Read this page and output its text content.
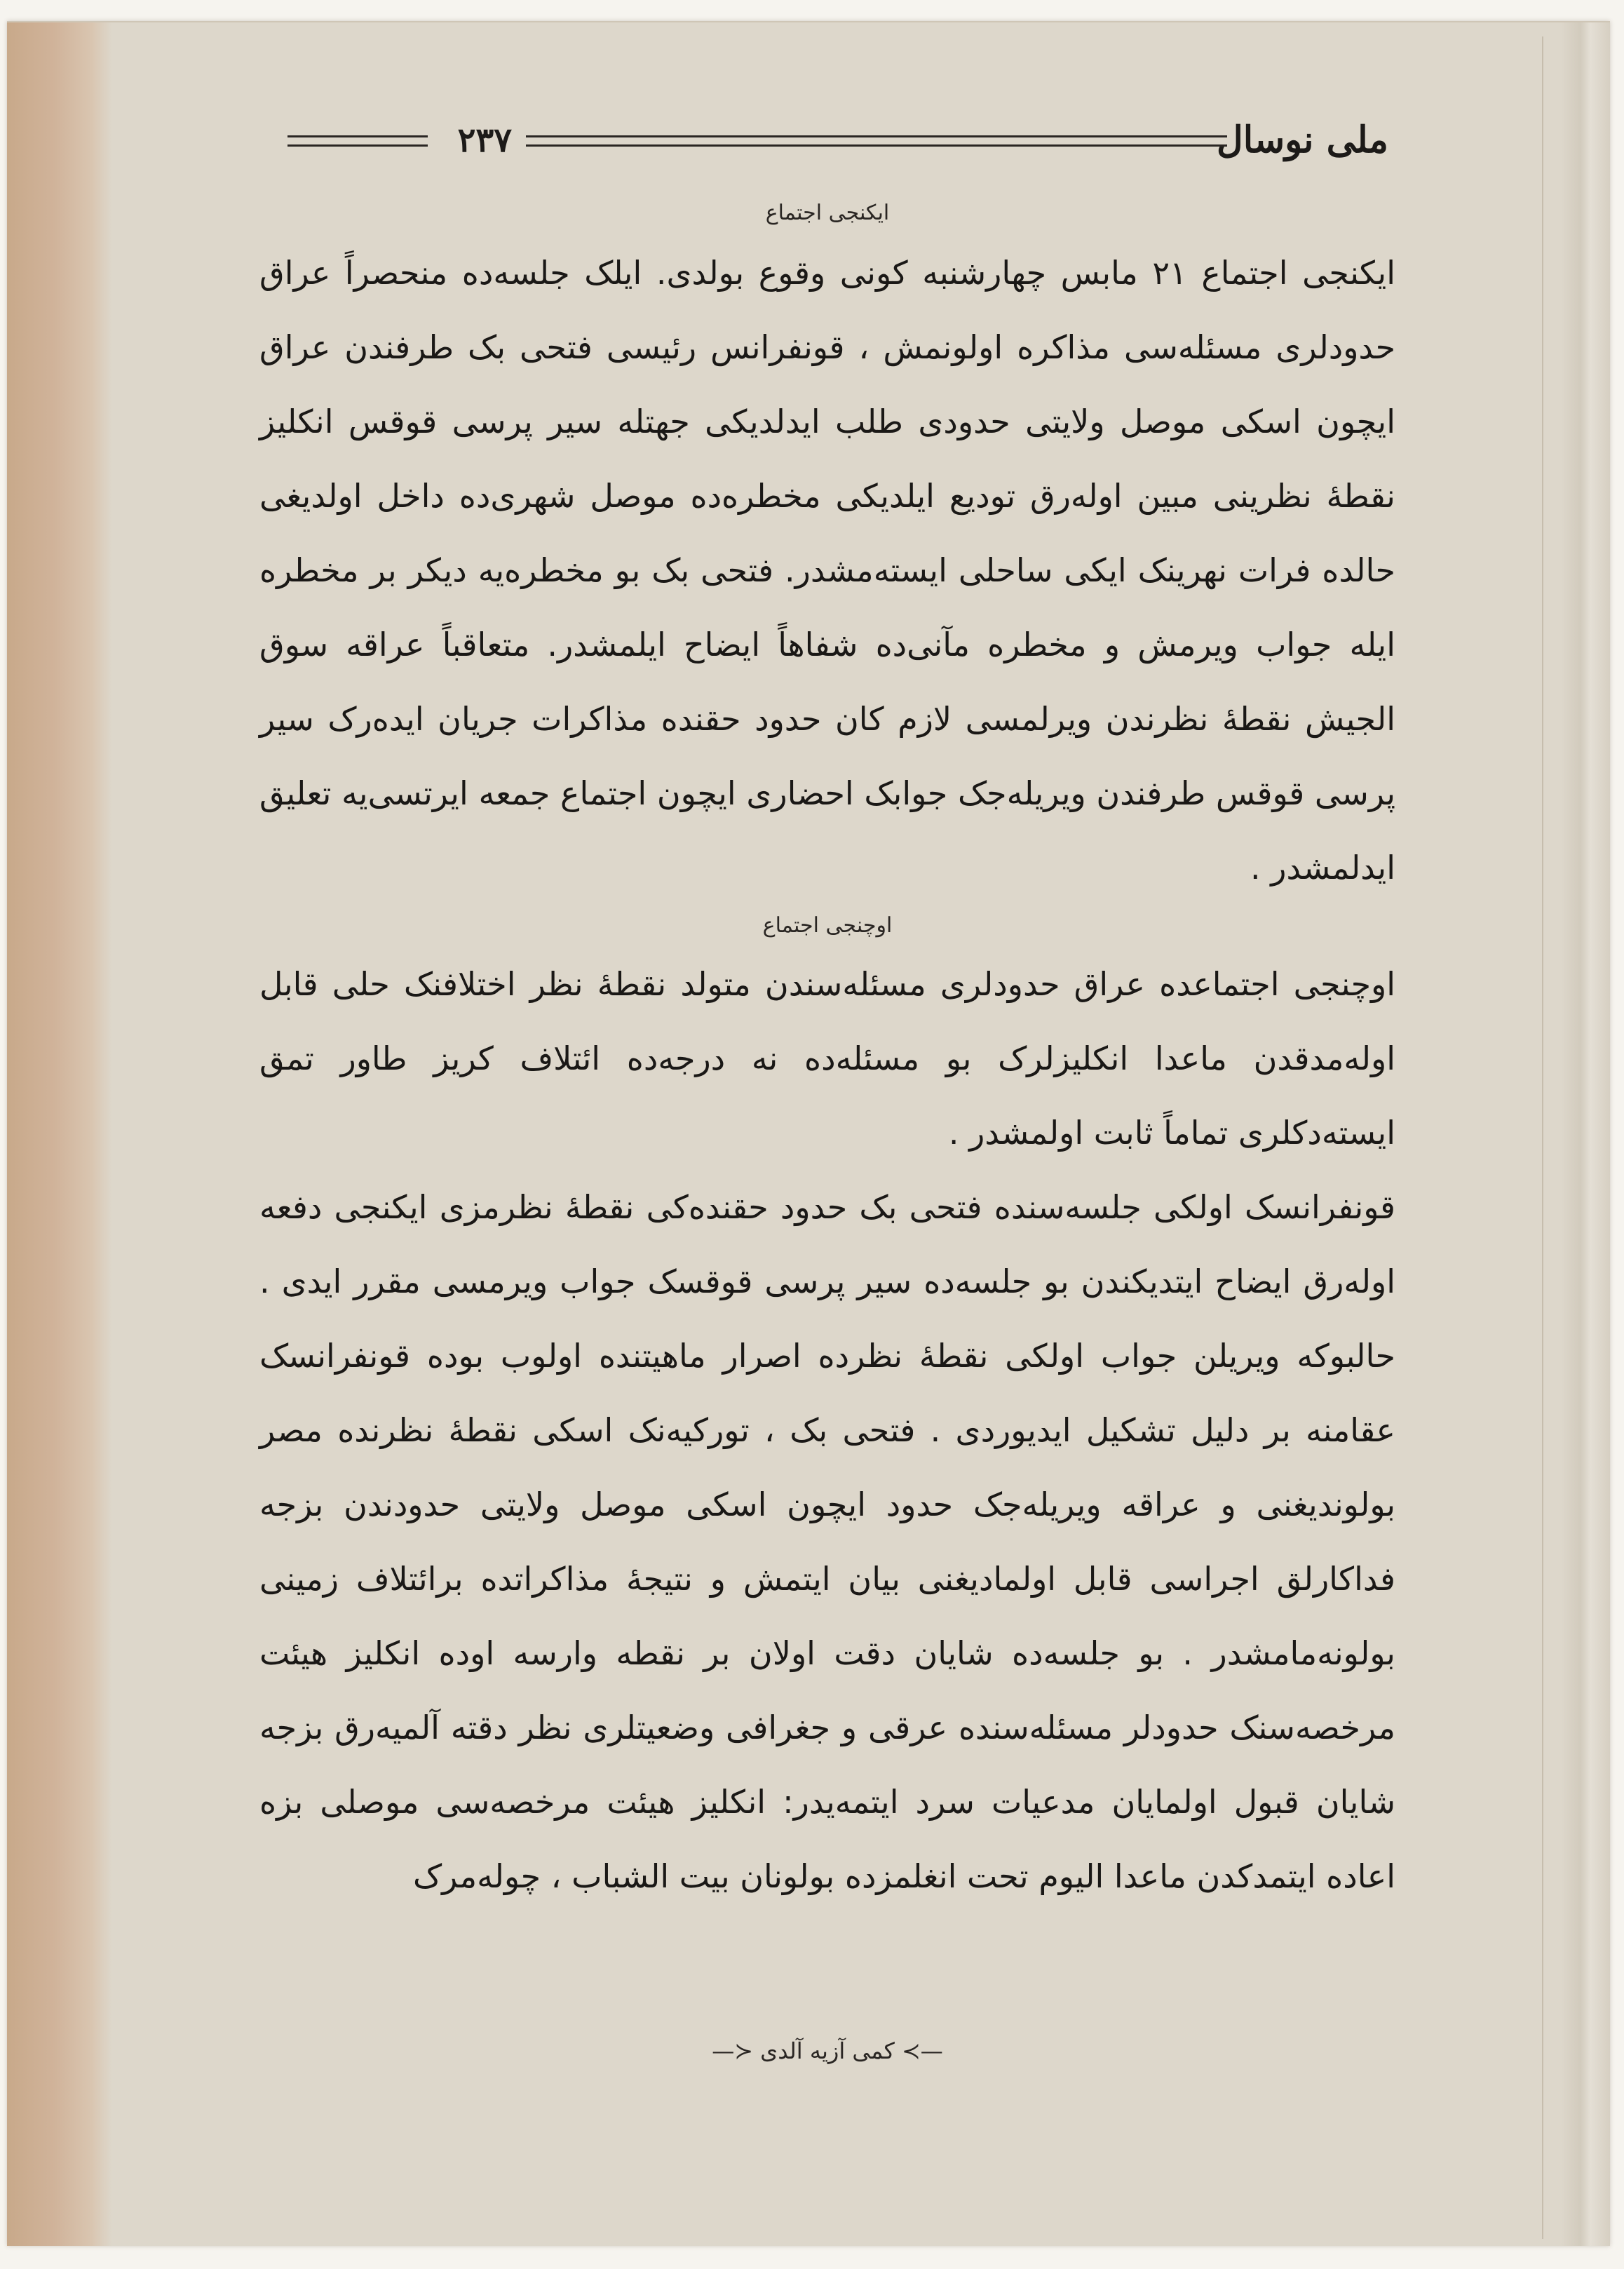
ملی نوسال
٢٣٧

ایکنجی اجتماع

ایکنجی اجتماع ٢١ مابس چهارشنبه کونی وقوع بولدی. ایلک جلسه‌ده منحصراً عراق حدودلری مسئله‌سی مذاکره اولونمش ، قونفرانس رئیسی فتحی بک طرفندن عراق ایچون اسکی موصل ولایتی حدودی طلب ایدلدیکی جهتله سیر پرسی قوقس انکلیز نقطهٔ نظرینی مبین اوله‌رق تودیع ایلدیکی مخطره‌ده موصل شهری‌ده داخل اولدیغی حالده فرات نهرینک ایکی ساحلی ایسته‌مشدر. فتحی بک بو مخطره‌یه دیکر بر مخطره ایله جواب ویرمش و مخطره مآنی‌ده شفاهاً ایضاح ایلمشدر. متعاقباً عراقه سوق الجیش نقطهٔ نظرندن ویرلمسی لازم کان حدود حقنده مذاکرات جریان ایده‌رک سیر پرسی قوقس طرفندن ویریله‌جک جوابک احضاری ایچون اجتماع جمعه ایرتسی‌یه تعلیق ایدلمشدر .

اوچنجی اجتماع

اوچنجی اجتماعده عراق حدودلری مسئله‌سندن متولد نقطهٔ نظر اختلافنک حلی قابل اوله‌مدقدن ماعدا انکلیزلرک بو مسئله‌ده نه درجه‌ده ائتلاف کریز طاور تمق ایسته‌دکلری تماماً ثابت اولمشدر .

قونفرانسک اولکی جلسه‌سنده فتحی بک حدود حقنده‌کی نقطهٔ نظرمزی ایکنجی دفعه اوله‌رق ایضاح ایتدیکندن بو جلسه‌ده سیر پرسی قوقسک جواب ویرمسی مقرر ایدی . حالبوکه ویریلن جواب اولکی نقطهٔ نظرده اصرار ماهیتنده اولوب بوده قونفرانسک عقامنه بر دلیل تشکیل ایدیوردی . فتحی بک ، تورکیه‌نک اسکی نقطهٔ نظرنده مصر بولوندیغنی و عراقه ویریله‌جک حدود ایچون اسکی موصل ولایتی حدودندن بزجه فداکارلق اجراسی قابل اولمادیغنی بیان ایتمش و نتیجهٔ مذاکراتده برائتلاف زمینی بولونه‌مامشدر . بو جلسه‌ده شایان دقت اولان بر نقطه وارسه اوده انکلیز هیئت مرخصه‌سنک حدودلر مسئله‌سنده عرقی و جغرافی وضعیتلری نظر دقته آلمیه‌رق بزجه شایان قبول اولمایان مدعیات سرد ایتمه‌یدر: انکلیز هیئت مرخصه‌سی موصلی بزه اعاده ایتمدکدن ماعدا الیوم تحت انغلمزده بولونان بیت الشباب ، چوله‌مرک

—≻ کمی آزیه آلدی ≺—
